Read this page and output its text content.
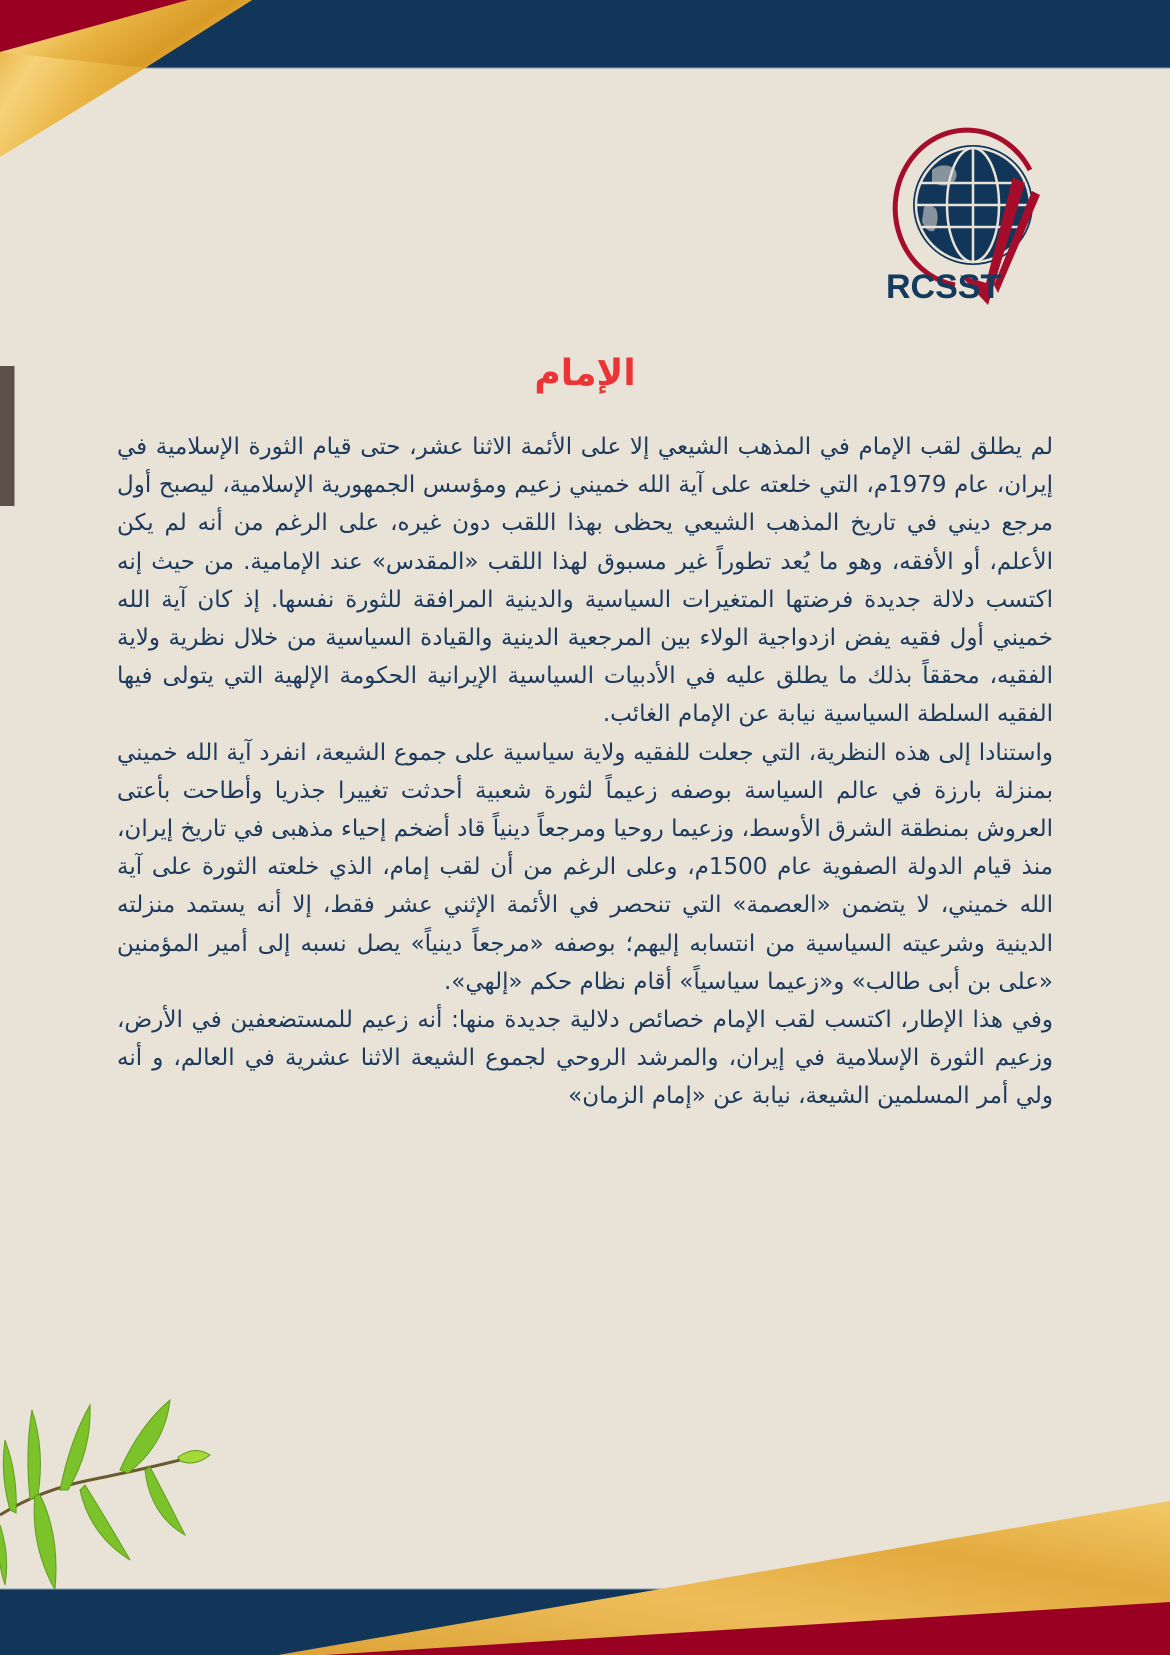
RCSST
الإمام

لم يطلق لقب الإمام في المذهب الشيعي إلا على الأئمة الاثنا عشر، حتى قيام الثورة الإسلامية في إيران، عام 1979م، التي خلعته على آية الله خميني زعيم ومؤسس الجمهورية الإسلامية، ليصبح أول مرجع ديني في تاريخ المذهب الشيعي يحظى بهذا اللقب دون غيره، على الرغم من أنه لم يكن الأعلم، أو الأفقه، وهو ما يُعد تطوراً غير مسبوق لهذا اللقب «المقدس» عند الإمامية. من حيث إنه اكتسب دلالة جديدة فرضتها المتغيرات السياسية والدينية المرافقة للثورة نفسها. إذ كان آية الله خميني أول فقيه يفض ازدواجية الولاء بين المرجعية الدينية والقيادة السياسية من خلال نظرية ولاية الفقيه، محققاً بذلك ما يطلق عليه في الأدبيات السياسية الإيرانية الحكومة الإلهية التي يتولى فيها الفقيه السلطة السياسية نيابة عن الإمام الغائب.

واستنادا إلى هذه النظرية، التي جعلت للفقيه ولاية سياسية على جموع الشيعة، انفرد آية الله خميني بمنزلة بارزة في عالم السياسة بوصفه زعيماً لثورة شعبية أحدثت تغييرا جذريا وأطاحت بأعتى العروش بمنطقة الشرق الأوسط، وزعيما روحيا ومرجعاً دينياً قاد أضخم إحياء مذهبى في تاريخ إيران، منذ قيام الدولة الصفوية عام 1500م، وعلى الرغم من أن لقب إمام، الذي خلعته الثورة على آية الله خميني، لا يتضمن «العصمة» التي تنحصر في الأئمة الإثني عشر فقط، إلا أنه يستمد منزلته الدينية وشرعيته السياسية من انتسابه إليهم؛ بوصفه «مرجعاً دينياً» يصل نسبه إلى أمير المؤمنين «على بن أبى طالب» و«زعيما سياسياً» أقام نظام حكم «إلهي».

وفي هذا الإطار، اكتسب لقب الإمام خصائص دلالية جديدة منها: أنه زعيم للمستضعفين في الأرض، وزعيم الثورة الإسلامية في إيران، والمرشد الروحي لجموع الشيعة الاثنا عشرية في العالم، و أنه ولي أمر المسلمين الشيعة، نيابة عن «إمام الزمان»
